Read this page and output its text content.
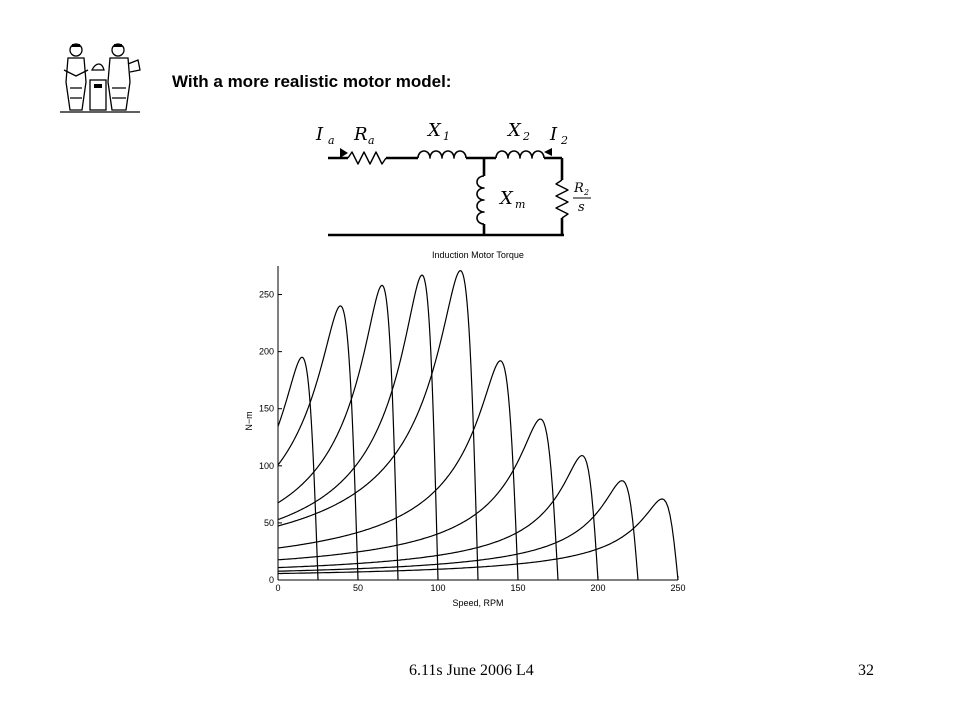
With a more realistic motor model:
I a R a	X 1	X 2 I 2
X m
R 2
s
Induction Motor Torque
Speed, RPM
N−m
0	50	100	150	200	250
0
50
100
150
200
250
6.11s June 2006 L4	32
